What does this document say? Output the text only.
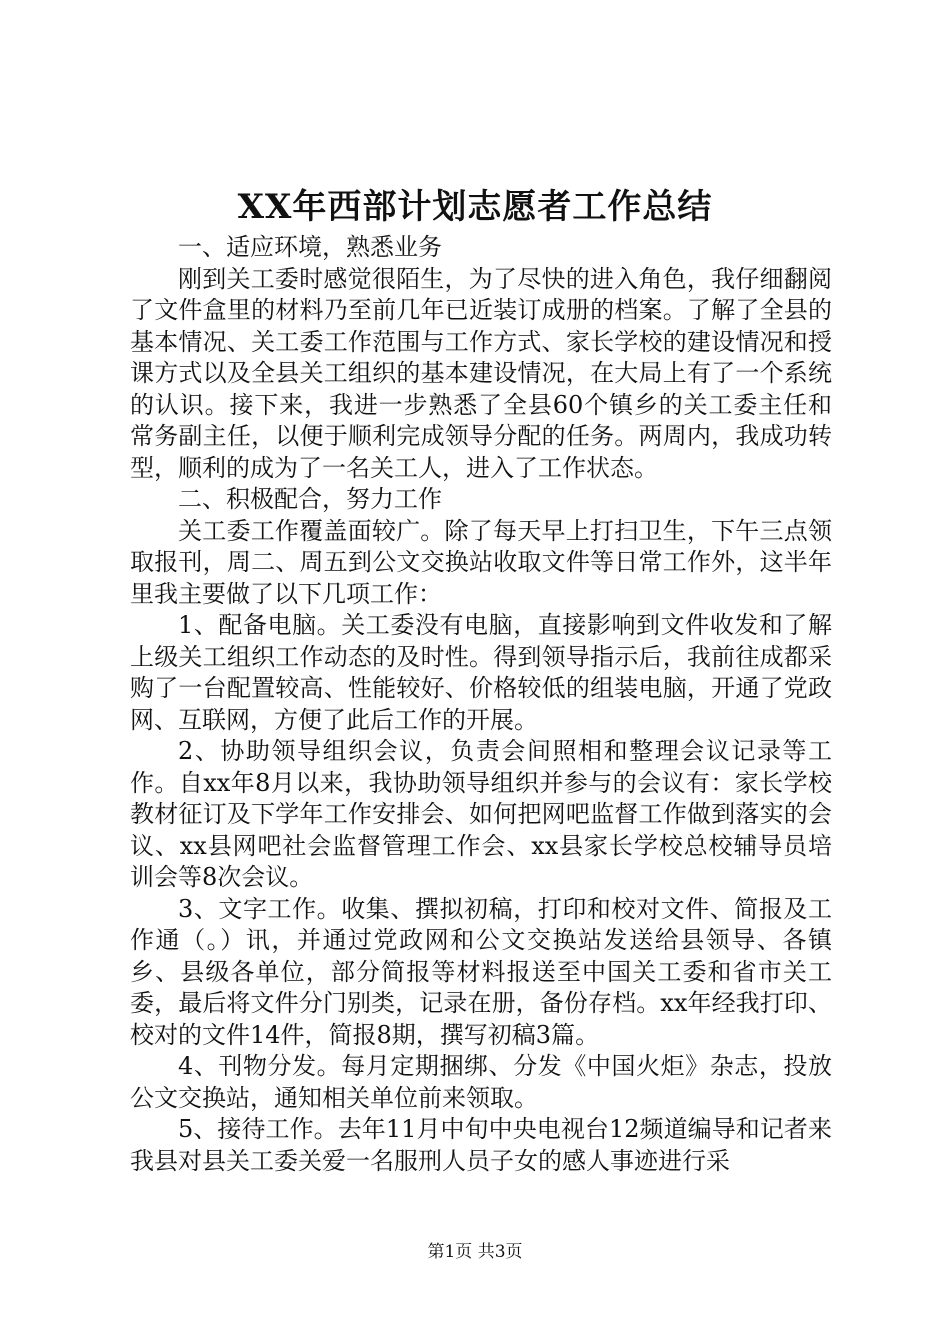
XX年西部计划志愿者工作总结

一、适应环境，熟悉业务

刚到关工委时感觉很陌生，为了尽快的进入角色，我仔细翻阅了文件盒里的材料乃至前几年已近装订成册的档案。了解了全县的基本情况、关工委工作范围与工作方式、家长学校的建设情况和授课方式以及全县关工组织的基本建设情况，在大局上有了一个系统的认识。接下来，我进一步熟悉了全县60个镇乡的关工委主任和常务副主任，以便于顺利完成领导分配的任务。两周内，我成功转型，顺利的成为了一名关工人，进入了工作状态。

二、积极配合，努力工作

关工委工作覆盖面较广。除了每天早上打扫卫生，下午三点领取报刊，周二、周五到公文交换站收取文件等日常工作外，这半年里我主要做了以下几项工作：

1、配备电脑。关工委没有电脑，直接影响到文件收发和了解上级关工组织工作动态的及时性。得到领导指示后，我前往成都采购了一台配置较高、性能较好、价格较低的组装电脑，开通了党政网、互联网，方便了此后工作的开展。

2、协助领导组织会议，负责会间照相和整理会议记录等工作。自xx年8月以来，我协助领导组织并参与的会议有：家长学校教材征订及下学年工作安排会、如何把网吧监督工作做到落实的会议、xx县网吧社会监督管理工作会、xx县家长学校总校辅导员培训会等8次会议。

3、文字工作。收集、撰拟初稿，打印和校对文件、简报及工作通（。）讯，并通过党政网和公文交换站发送给县领导、各镇乡、县级各单位，部分简报等材料报送至中国关工委和省市关工委，最后将文件分门别类，记录在册，备份存档。xx年经我打印、校对的文件14件，简报8期，撰写初稿3篇。

4、刊物分发。每月定期捆绑、分发《中国火炬》杂志，投放公文交换站，通知相关单位前来领取。

5、接待工作。去年11月中旬中央电视台12频道编导和记者来我县对县关工委关爱一名服刑人员子女的感人事迹进行采

第1页 共3页
